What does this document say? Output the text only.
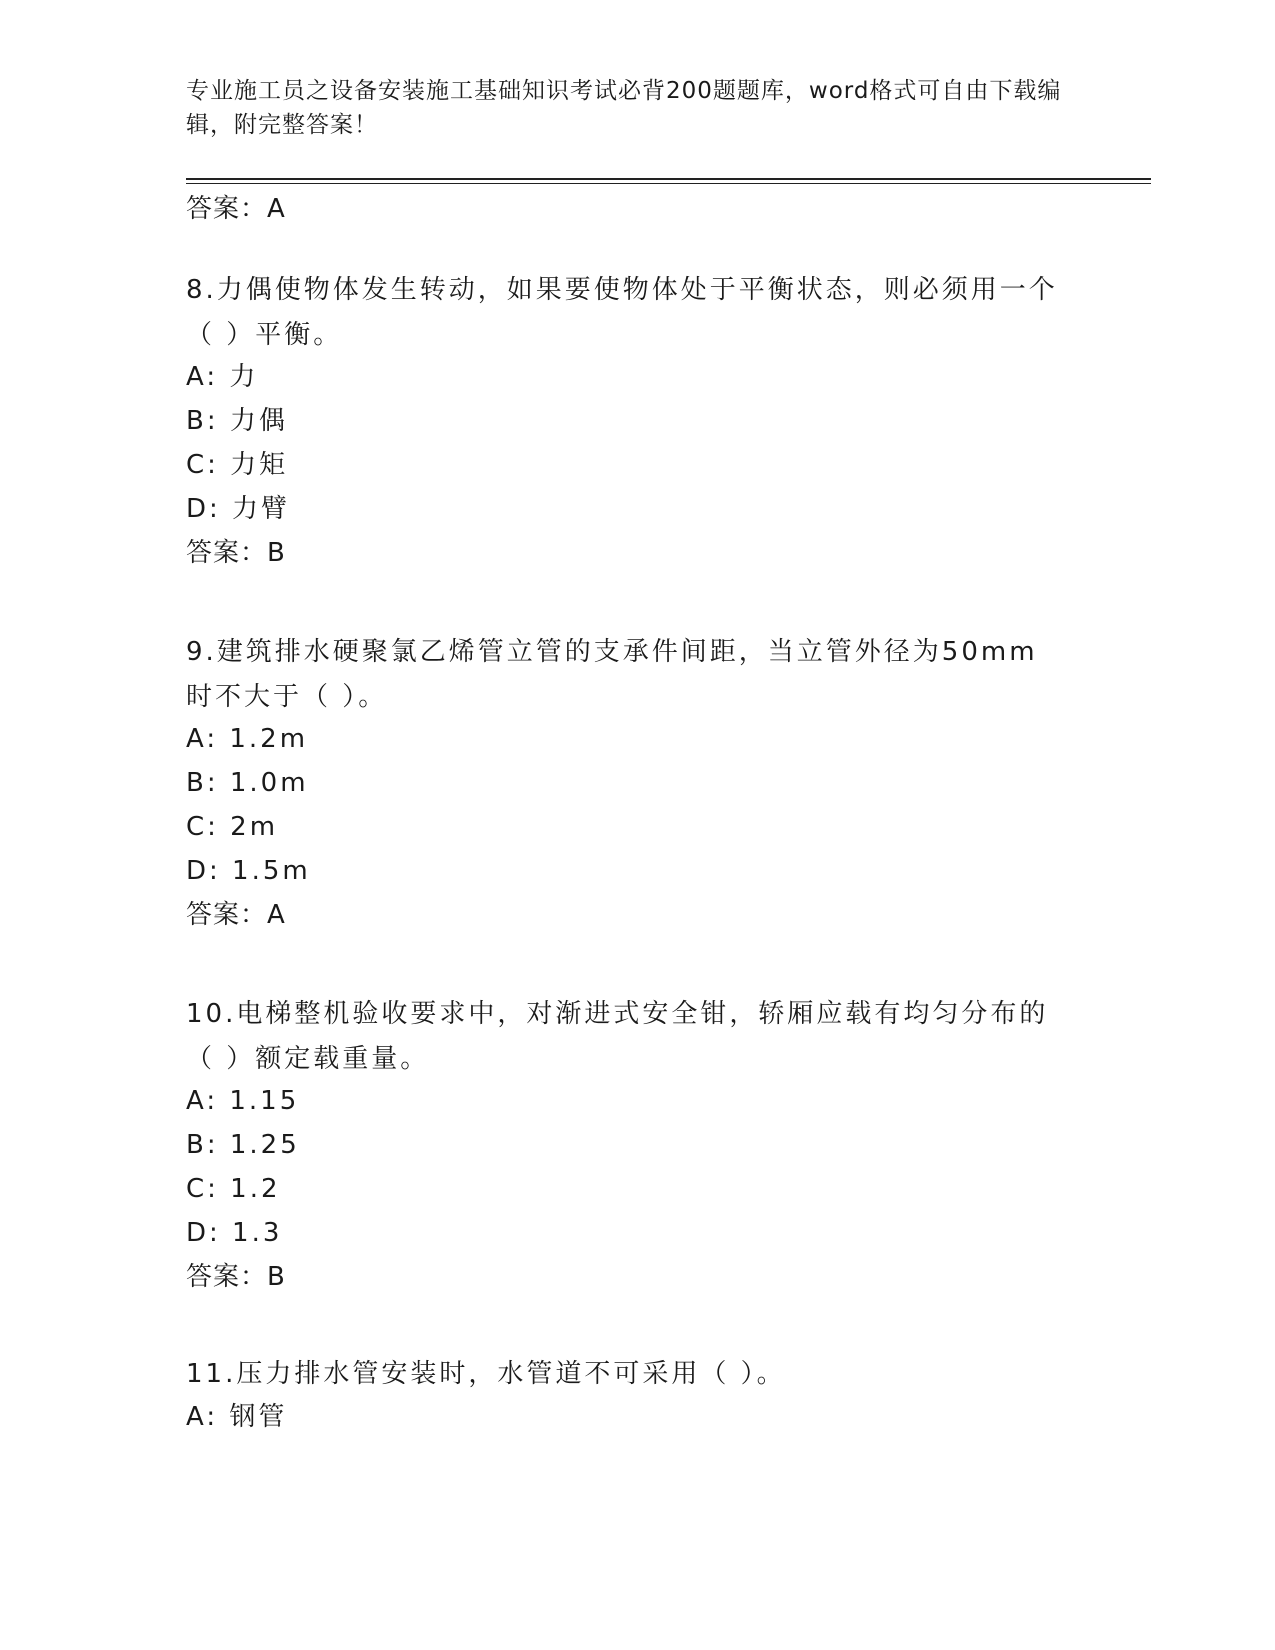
专业施工员之设备安装施工基础知识考试必背200题题库，word格式可自由下载编辑，附完整答案！
答案：A
8.力偶使物体发生转动，如果要使物体处于平衡状态，则必须用一个（ ）平衡。
A: 力
B: 力偶
C: 力矩
D: 力臂
答案：B
9.建筑排水硬聚氯乙烯管立管的支承件间距，当立管外径为50mm时不大于（ ）。
A: 1.2m
B: 1.0m
C: 2m
D: 1.5m
答案：A
10.电梯整机验收要求中，对渐进式安全钳，轿厢应载有均匀分布的（ ）额定载重量。
A: 1.15
B: 1.25
C: 1.2
D: 1.3
答案：B
11.压力排水管安装时，水管道不可采用（ ）。
A: 钢管
